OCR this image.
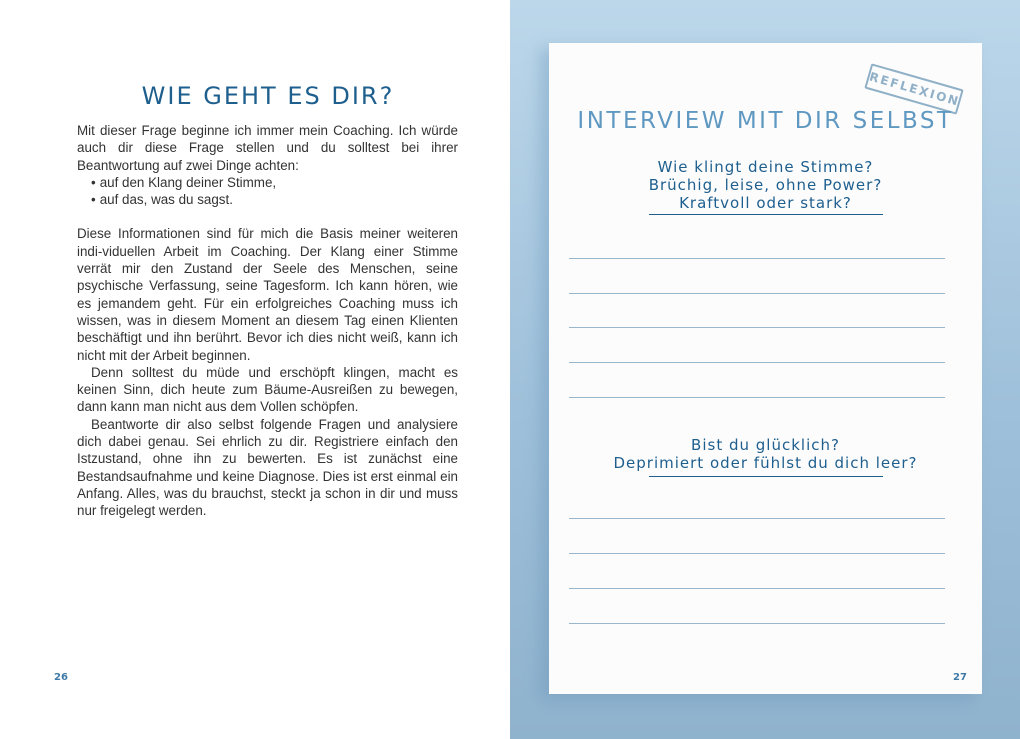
WIE GEHT ES DIR?

Mit dieser Frage beginne ich immer mein Coaching. Ich würde auch dir diese Frage stellen und du solltest bei ihrer Beantwortung auf zwei Dinge achten:

• auf den Klang deiner Stimme,
• auf das, was du sagst.

Diese Informationen sind für mich die Basis meiner weiteren indi-viduellen Arbeit im Coaching. Der Klang einer Stimme verrät mir den Zustand der Seele des Menschen, seine psychische Verfassung, seine Tagesform. Ich kann hören, wie es jemandem geht. Für ein erfolgreiches Coaching muss ich wissen, was in diesem Moment an diesem Tag einen Klienten beschäftigt und ihn berührt. Bevor ich dies nicht weiß, kann ich nicht mit der Arbeit beginnen.

Denn solltest du müde und erschöpft klingen, macht es keinen Sinn, dich heute zum Bäume-Ausreißen zu bewegen, dann kann man nicht aus dem Vollen schöpfen.

Beantworte dir also selbst folgende Fragen und analysiere dich dabei genau. Sei ehrlich zu dir. Registriere einfach den Istzustand, ohne ihn zu bewerten. Es ist zunächst eine Bestandsaufnahme und keine Diagnose. Dies ist erst einmal ein Anfang. Alles, was du brauchst, steckt ja schon in dir und muss nur freigelegt werden.

26
REFLEXION
INTERVIEW MIT DIR SELBST
Wie klingt deine Stimme?
Brüchig, leise, ohne Power?
Kraftvoll oder stark?
Bist du glücklich?
Deprimiert oder fühlst du dich leer?
27
